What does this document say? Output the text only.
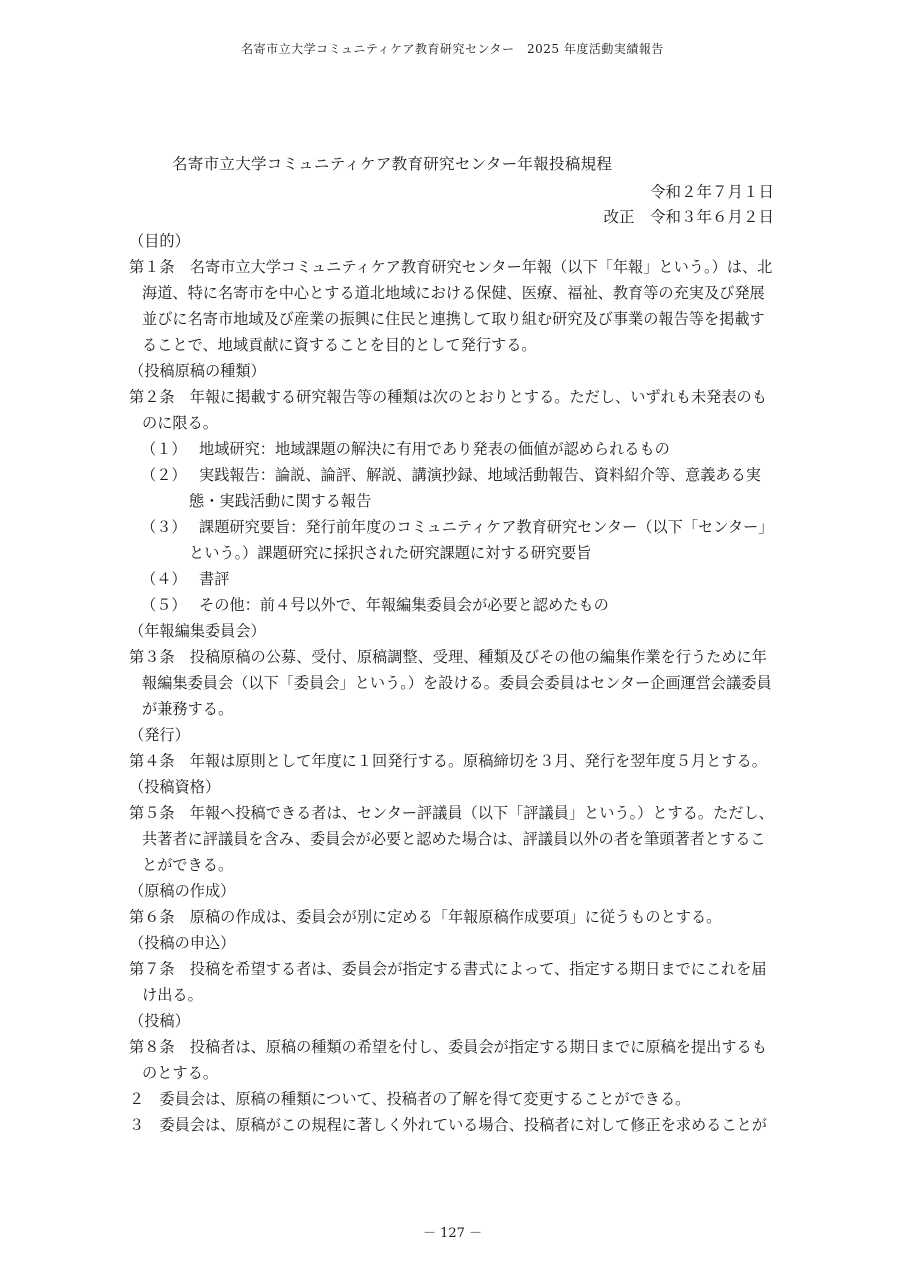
名寄市立大学コミュニティケア教育研究センター　2025 年度活動実績報告
名寄市立大学コミュニティケア教育研究センター年報投稿規程
令和２年７月１日
改正　令和３年６月２日

（目的）

第１条　名寄市立大学コミュニティケア教育研究センター年報（以下「年報」という。）は、北海道、特に名寄市を中心とする道北地域における保健、医療、福祉、教育等の充実及び発展並びに名寄市地域及び産業の振興に住民と連携して取り組む研究及び事業の報告等を掲載することで、地域貢献に資することを目的として発行する。

（投稿原稿の種類）

第２条　年報に掲載する研究報告等の種類は次のとおりとする。ただし、いずれも未発表のものに限る。

（１） 地域研究：地域課題の解決に有用であり発表の価値が認められるもの

（２） 実践報告：論説、論評、解説、講演抄録、地域活動報告、資料紹介等、意義ある実態・実践活動に関する報告

（３） 課題研究要旨：発行前年度のコミュニティケア教育研究センター（以下「センター」という。）課題研究に採択された研究課題に対する研究要旨

（４） 書評

（５） その他：前４号以外で、年報編集委員会が必要と認めたもの

（年報編集委員会）

第３条　投稿原稿の公募、受付、原稿調整、受理、種類及びその他の編集作業を行うために年報編集委員会（以下「委員会」という。）を設ける。委員会委員はセンター企画運営会議委員が兼務する。

（発行）

第４条　年報は原則として年度に１回発行する。原稿締切を３月、発行を翌年度５月とする。

（投稿資格）

第５条　年報へ投稿できる者は、センター評議員（以下「評議員」という。）とする。ただし、共著者に評議員を含み、委員会が必要と認めた場合は、評議員以外の者を筆頭著者とすることができる。

（原稿の作成）

第６条　原稿の作成は、委員会が別に定める「年報原稿作成要項」に従うものとする。

（投稿の申込）

第７条　投稿を希望する者は、委員会が指定する書式によって、指定する期日までにこれを届け出る。

（投稿）

第８条　投稿者は、原稿の種類の希望を付し、委員会が指定する期日までに原稿を提出するものとする。

２　委員会は、原稿の種類について、投稿者の了解を得て変更することができる。

３　委員会は、原稿がこの規程に著しく外れている場合、投稿者に対して修正を求めることが

－ 127 －
